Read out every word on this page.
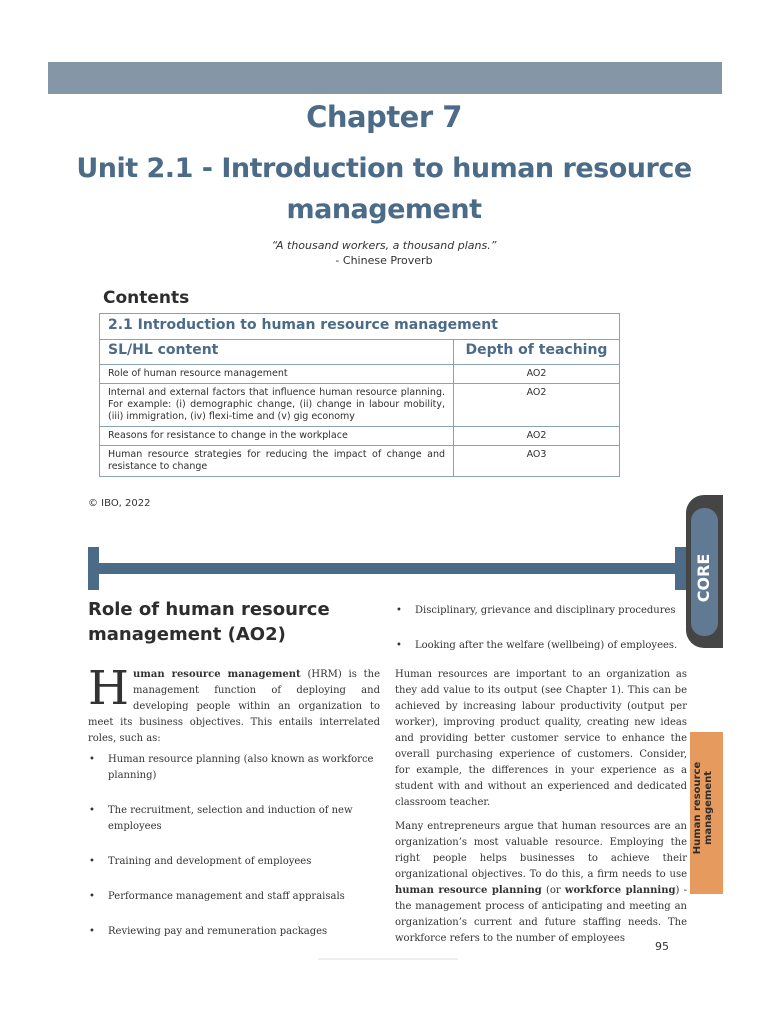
Chapter 7
Unit 2.1 - Introduction to human resource management
“A thousand workers, a thousand plans.”
- Chinese Proverb
Contents
2.1 Introduction to human resource management	
SL/HL content	Depth of teaching
Role of human resource management	AO2
Internal and external factors that influence human resource planning. For example: (i) demographic change, (ii) change in labour mobility, (iii) immigration, (iv) flexi-time and (v) gig economy	AO2
Reasons for resistance to change in the workplace	AO2
Human resource strategies for reducing the impact of change and resistance to change	AO3
© IBO, 2022
CORE
Human resource management
Role of human resource management (AO2)

Human resource management (HRM) is the management function of deploying and developing people within an organization to meet its business objectives. This entails interrelated roles, such as:

• Human resource planning (also known as workforce planning)
• The recruitment, selection and induction of new employees
• Training and development of employees
• Performance management and staff appraisals
• Reviewing pay and remuneration packages
• Disciplinary, grievance and disciplinary procedures
• Looking after the welfare (wellbeing) of employees.

Human resources are important to an organization as they add value to its output (see Chapter 1). This can be achieved by increasing labour productivity (output per worker), improving product quality, creating new ideas and providing better customer service to enhance the overall purchasing experience of customers. Consider, for example, the differences in your experience as a student with and without an experienced and dedicated classroom teacher.

Many entrepreneurs argue that human resources are an organization’s most valuable resource. Employing the right people helps businesses to achieve their organizational objectives. To do this, a firm needs to use human resource planning (or workforce planning) - the management process of anticipating and meeting an organization’s current and future staffing needs. The workforce refers to the number of employees

95
